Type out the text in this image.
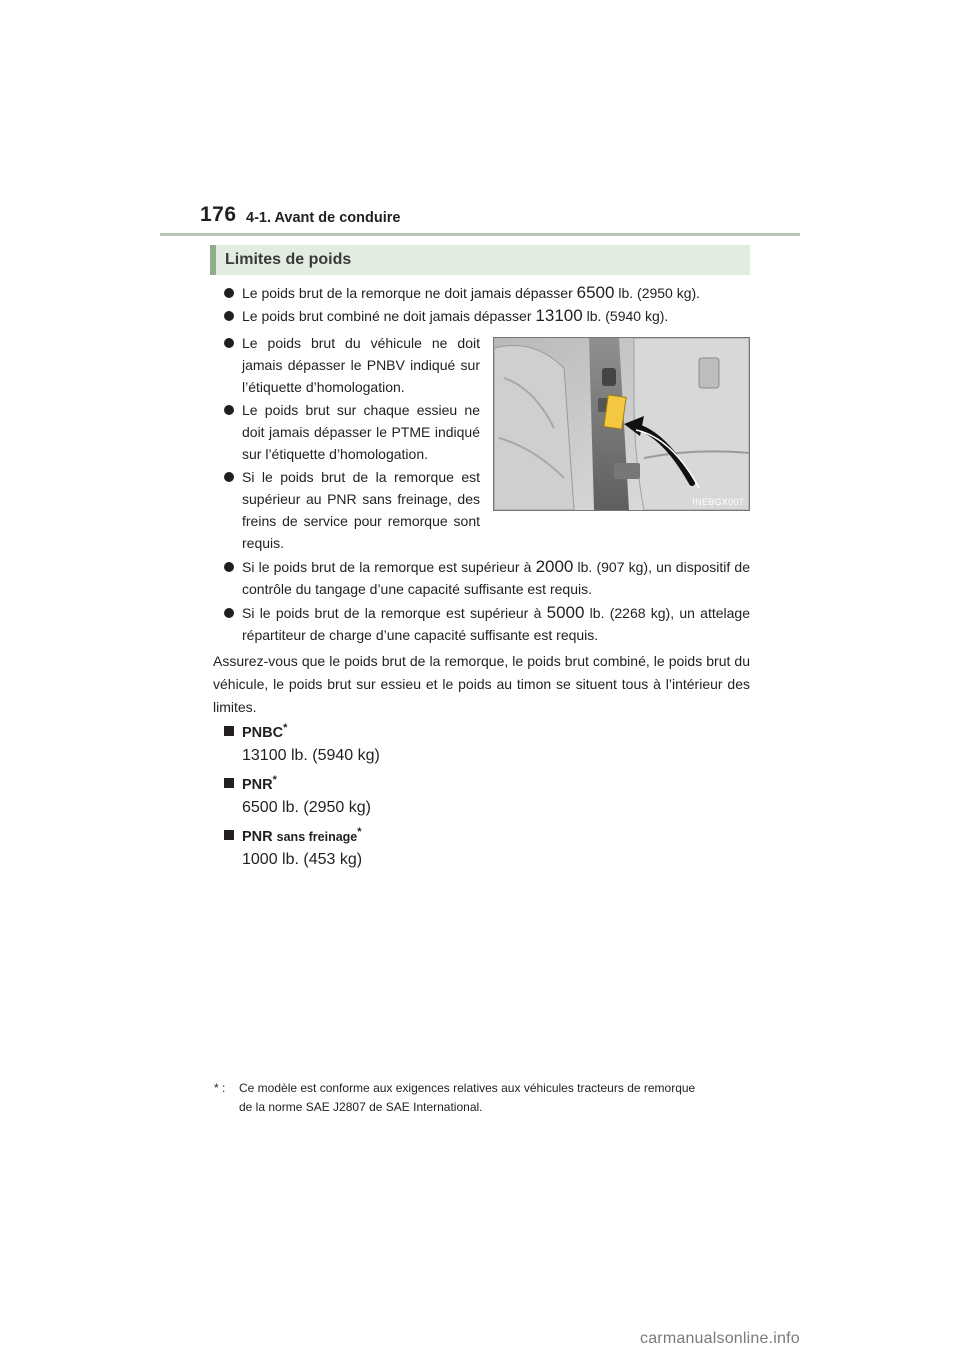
176 4-1. Avant de conduire
Limites de poids
Le poids brut de la remorque ne doit jamais dépasser 6500 lb. (2950 kg).
Le poids brut combiné ne doit jamais dépasser 13100 lb. (5940 kg).
Le poids brut du véhicule ne doit jamais dépasser le PNBV indiqué sur l’étiquette d’homologation.
Le poids brut sur chaque essieu ne doit jamais dépasser le PTME indiqué sur l’étiquette d’homologation.
Si le poids brut de la remorque est supérieur au PNR sans freinage, des freins de service pour remorque sont requis.
INEBGX007
Si le poids brut de la remorque est supérieur à 2000 lb. (907 kg), un dispositif de contrôle du tangage d’une capacité suffisante est requis.
Si le poids brut de la remorque est supérieur à 5000 lb. (2268 kg), un attelage répartiteur de charge d’une capacité suffisante est requis.
Assurez-vous que le poids brut de la remorque, le poids brut combiné, le poids brut du véhicule, le poids brut sur essieu et le poids au timon se situent tous à l’intérieur des limites.
PNBC*
13100 lb. (5940 kg)
PNR*
6500 lb. (2950 kg)
PNR sans freinage*
1000 lb. (453 kg)
* : Ce modèle est conforme aux exigences relatives aux véhicules tracteurs de remorque
de la norme SAE J2807 de SAE International.
carmanualsonline.info
